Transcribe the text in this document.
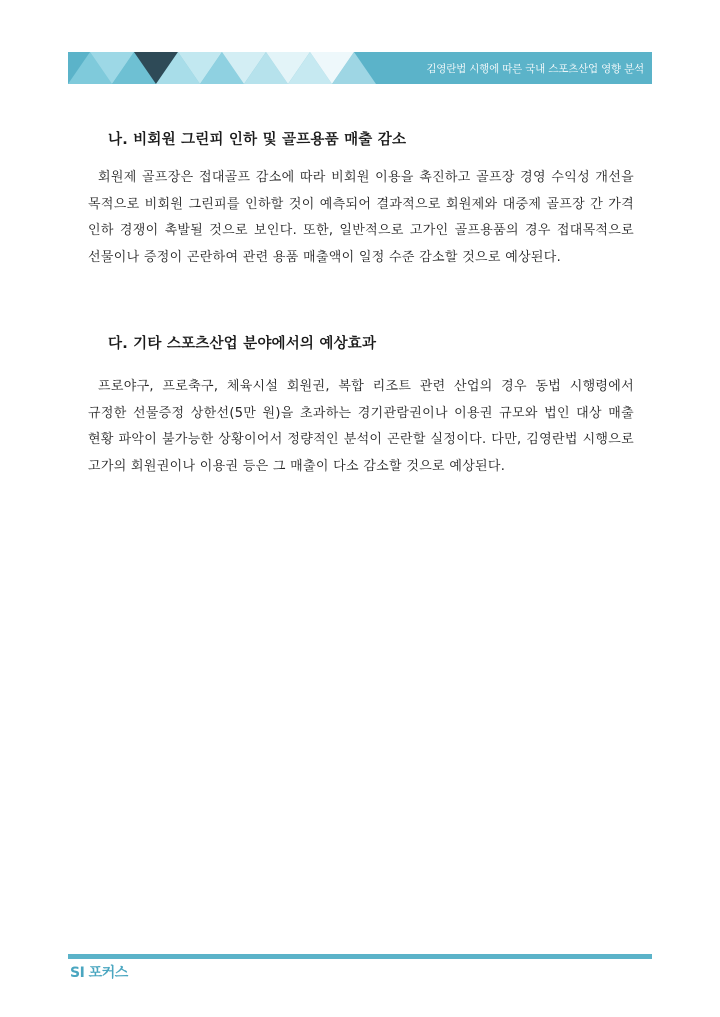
김영란법 시행에 따른 국내 스포츠산업 영향 분석
나. 비회원 그린피 인하 및 골프용품 매출 감소
회원제 골프장은 접대골프 감소에 따라 비회원 이용을 촉진하고 골프장 경영 수익성 개선을 목적으로 비회원 그린피를 인하할 것이 예측되어 결과적으로 회원제와 대중제 골프장 간 가격 인하 경쟁이 촉발될 것으로 보인다. 또한, 일반적으로 고가인 골프용품의 경우 접대목적으로 선물이나 증정이 곤란하여 관련 용품 매출액이 일정 수준 감소할 것으로 예상된다.
다. 기타 스포츠산업 분야에서의 예상효과
프로야구, 프로축구, 체육시설 회원권, 복합 리조트 관련 산업의 경우 동법 시행령에서 규정한 선물증정 상한선(5만 원)을 초과하는 경기관람권이나 이용권 규모와 법인 대상 매출 현황 파악이 불가능한 상황이어서 정량적인 분석이 곤란할 실정이다. 다만, 김영란법 시행으로 고가의 회원권이나 이용권 등은 그 매출이 다소 감소할 것으로 예상된다.
SI 포커스
